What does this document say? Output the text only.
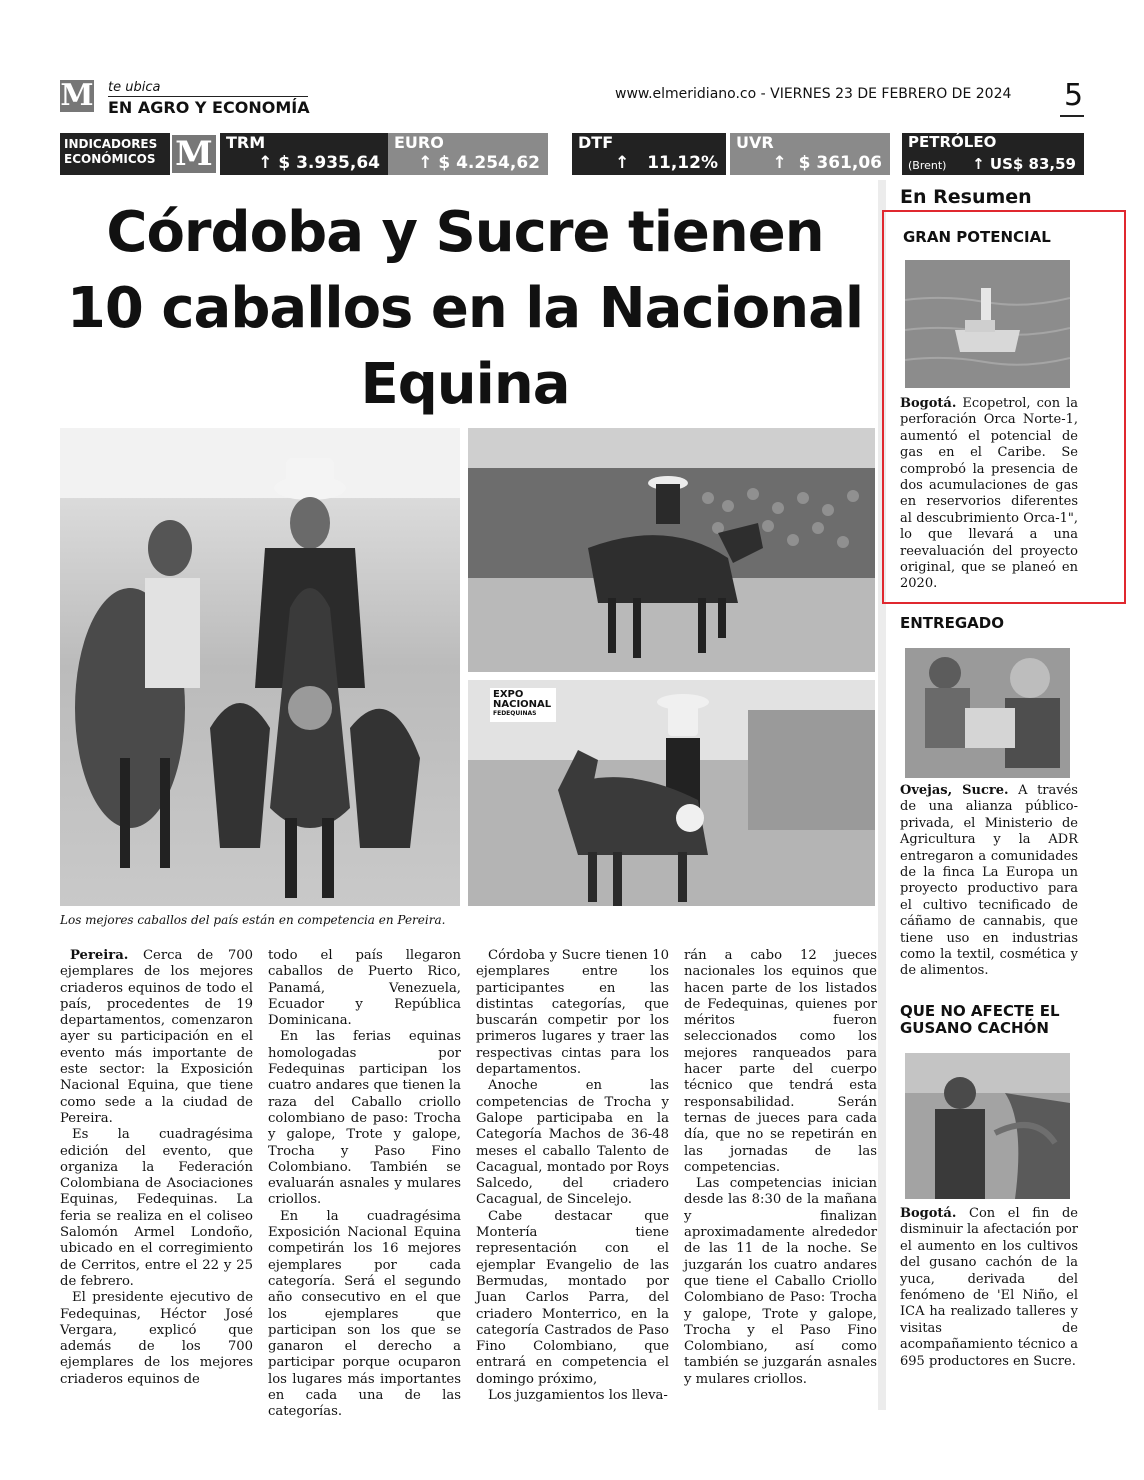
M te ubica
EN AGRO Y ECONOMÍA
www.elmeridiano.co - VIERNES 23 DE FEBRERO DE 2024 5
INDICADORES
ECONÓMICOS M TRM
↑ $ 3.935,64
EURO
↑ $ 4.254,62
DTF
↑ 11,12%
UVR
↑ $ 361,06
PETRÓLEO
(Brent) ↑ US$ 83,59
Córdoba y Sucre tienen 10 caballos en la Nacional Equina
EXPO
NACIONAL
FEDEQUINAS
Los mejores caballos del país están en competencia en Pereira.

Pereira. Cerca de 700 ejemplares de los mejores criaderos equinos de todo el país, procedentes de 19 departamentos, comenzaron ayer su participación en el evento más importante de este sector: la Exposición Nacional Equina, que tiene como sede a la ciudad de Pereira.

Es la cuadragésima edición del evento, que organiza la Federación Colombiana de Asociaciones Equinas, Fedequinas. La feria se realiza en el coliseo Salomón Armel Londoño, ubicado en el corregimiento de Cerritos, entre el 22 y 25 de febrero.

El presidente ejecutivo de Fedequinas, Héctor José Vergara, explicó que además de los 700 ejemplares de los mejores criaderos equinos de

todo el país llegaron caballos de Puerto Rico, Panamá, Venezuela, Ecuador y República Dominicana.

En las ferias equinas homologadas por Fedequinas participan los cuatro andares que tienen la raza del Caballo criollo colombiano de paso: Trocha y galope, Trote y galope, Trocha y Paso Fino Colombiano. También se evaluarán asnales y mulares criollos.

En la cuadragésima Exposición Nacional Equina competirán los 16 mejores ejemplares por cada categoría. Será el segundo año consecutivo en el que los ejemplares que participan son los que se ganaron el derecho a participar porque ocuparon los lugares más importantes en cada una de las categorías.

Córdoba y Sucre tienen 10 ejemplares entre los participantes en las distintas categorías, que buscarán competir por los primeros lugares y traer las respectivas cintas para los departamentos.

Anoche en las competencias de Trocha y Galope participaba en la Categoría Machos de 36-48 meses el caballo Talento de Cacagual, montado por Roys Salcedo, del criadero Cacagual, de Sincelejo.

Cabe destacar que Montería tiene representación con el ejemplar Evangelio de las Bermudas, montado por Juan Carlos Parra, del criadero Monterrico, en la categoría Castrados de Paso Fino Colombiano, que entrará en competencia el domingo próximo,

Los juzgamientos los lleva-

rán a cabo 12 jueces nacionales los equinos que hacen parte de los listados de Fedequinas, quienes por méritos fueron seleccionados como los mejores ranqueados para hacer parte del cuerpo técnico que tendrá esta responsabilidad. Serán ternas de jueces para cada día, que no se repetirán en las jornadas de las competencias.

Las competencias inician desde las 8:30 de la mañana y finalizan aproximadamente alrededor de las 11 de la noche. Se juzgarán los cuatro andares que tiene el Caballo Criollo Colombiano de Paso: Trocha y galope, Trote y galope, Trocha y el Paso Fino Colombiano, así como también se juzgarán asnales y mulares criollos.

En Resumen
GRAN POTENCIAL
Bogotá. Ecopetrol, con la perforación Orca Norte-1, aumentó el potencial de gas en el Caribe. Se comprobó la presencia de dos acumulaciones de gas en reservorios diferentes al descubrimiento Orca-1", lo que llevará a una reevaluación del proyecto original, que se planeó en 2020.
ENTREGADO
Ovejas, Sucre. A través de una alianza público-privada, el Ministerio de Agricultura y la ADR entregaron a comunidades de la finca La Europa un proyecto productivo para el cultivo tecnificado de cáñamo de cannabis, que tiene uso en industrias como la textil, cosmética y de alimentos.
QUE NO AFECTE EL GUSANO CACHÓN
Bogotá. Con el fin de disminuir la afectación por el aumento en los cultivos del gusano cachón de la yuca, derivada del fenómeno de 'El Niño, el ICA ha realizado talleres y visitas de acompañamiento técnico a 695 productores en Sucre.
